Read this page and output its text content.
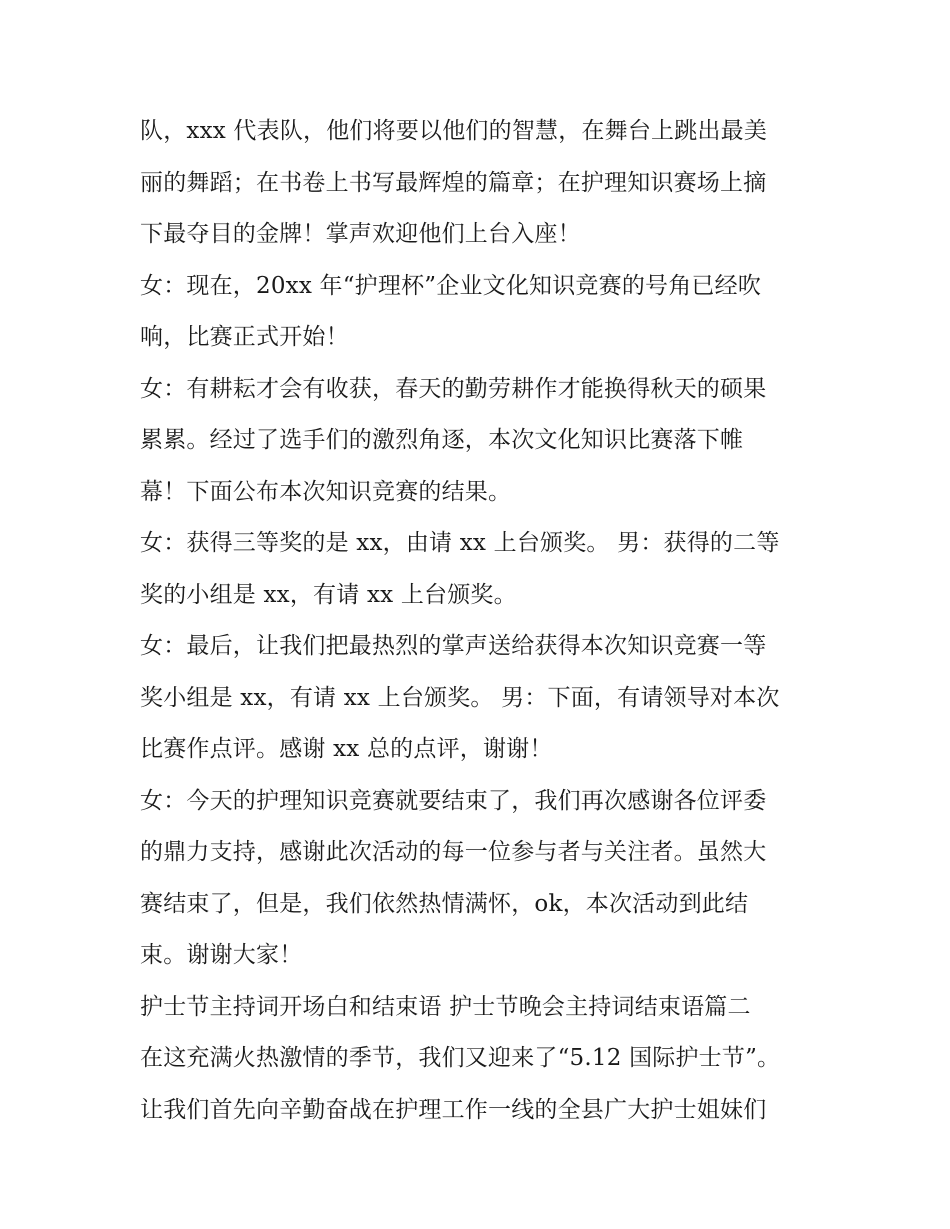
队，xxx 代表队，他们将要以他们的智慧，在舞台上跳出最美
丽的舞蹈；在书卷上书写最辉煌的篇章；在护理知识赛场上摘
下最夺目的金牌！掌声欢迎他们上台入座！
女：现在，20xx 年“护理杯”企业文化知识竞赛的号角已经吹
响，比赛正式开始！
女：有耕耘才会有收获，春天的勤劳耕作才能换得秋天的硕果
累累。经过了选手们的激烈角逐，本次文化知识比赛落下帷
幕！下面公布本次知识竞赛的结果。
女：获得三等奖的是 xx，由请 xx 上台颁奖。 男：获得的二等
奖的小组是 xx，有请 xx 上台颁奖。
女：最后，让我们把最热烈的掌声送给获得本次知识竞赛一等
奖小组是 xx，有请 xx 上台颁奖。 男：下面，有请领导对本次
比赛作点评。感谢 xx 总的点评，谢谢！
女：今天的护理知识竞赛就要结束了，我们再次感谢各位评委
的鼎力支持，感谢此次活动的每一位参与者与关注者。虽然大
赛结束了，但是，我们依然热情满怀，ok，本次活动到此结
束。谢谢大家！
护士节主持词开场白和结束语 护士节晚会主持词结束语篇二
在这充满火热激情的季节，我们又迎来了“5.12 国际护士节”。
让我们首先向辛勤奋战在护理工作一线的全县广大护士姐妹们
